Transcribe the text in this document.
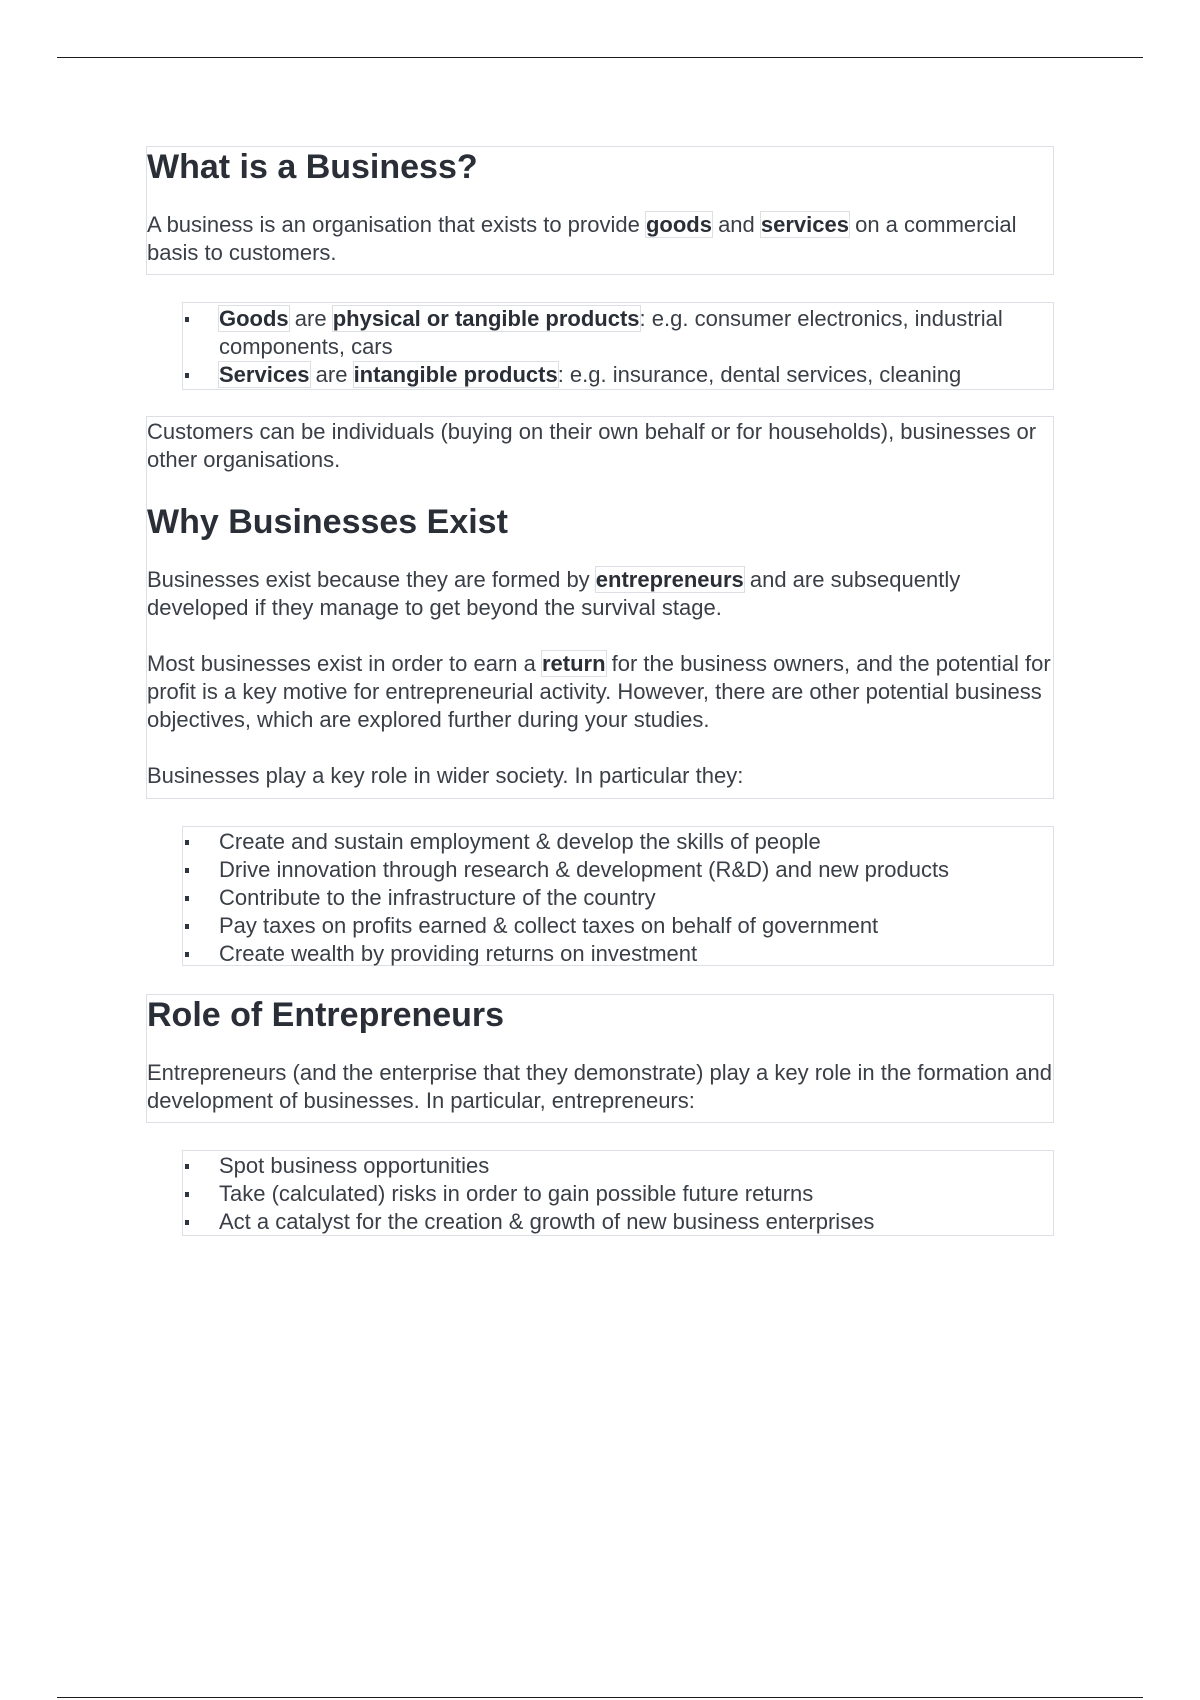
What is a Business?

A business is an organisation that exists to provide goods and services on a commercial basis to customers.

Goods are physical or tangible products: e.g. consumer electronics, industrial components, cars
Services are intangible products: e.g. insurance, dental services, cleaning

Customers can be individuals (buying on their own behalf or for households), businesses or other organisations.

Why Businesses Exist

Businesses exist because they are formed by entrepreneurs and are subsequently developed if they manage to get beyond the survival stage.

Most businesses exist in order to earn a return for the business owners, and the potential for profit is a key motive for entrepreneurial activity. However, there are other potential business objectives, which are explored further during your studies.

Businesses play a key role in wider society. In particular they:

Create and sustain employment & develop the skills of people
Drive innovation through research & development (R&D) and new products
Contribute to the infrastructure of the country
Pay taxes on profits earned & collect taxes on behalf of government
Create wealth by providing returns on investment
Role of Entrepreneurs

Entrepreneurs (and the enterprise that they demonstrate) play a key role in the formation and development of businesses. In particular, entrepreneurs:

Spot business opportunities
Take (calculated) risks in order to gain possible future returns
Act a catalyst for the creation & growth of new business enterprises
